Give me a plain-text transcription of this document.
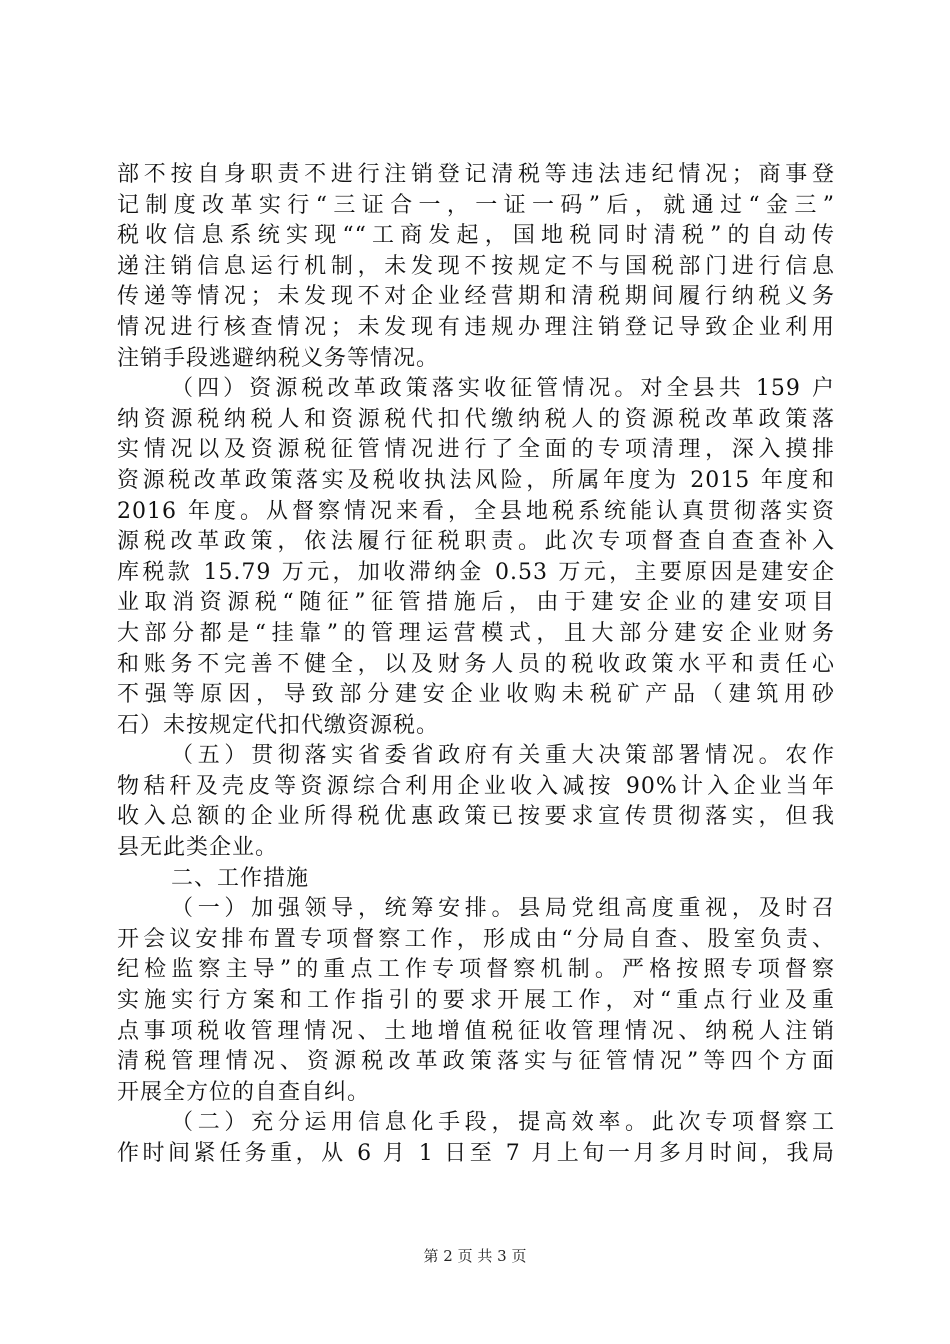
部不按自身职责不进行注销登记清税等违法违纪情况；商事登
记制度改革实行“三证合一，一证一码”后，就通过“金三”
税收信息系统实现““工商发起，国地税同时清税”的自动传
递注销信息运行机制，未发现不按规定不与国税部门进行信息
传递等情况；未发现不对企业经营期和清税期间履行纳税义务
情况进行核查情况；未发现有违规办理注销登记导致企业利用
注销手段逃避纳税义务等情况。
（四）资源税改革政策落实收征管情况。对全县共 159 户
纳资源税纳税人和资源税代扣代缴纳税人的资源税改革政策落
实情况以及资源税征管情况进行了全面的专项清理，深入摸排
资源税改革政策落实及税收执法风险，所属年度为 2015 年度和
2016 年度。从督察情况来看，全县地税系统能认真贯彻落实资
源税改革政策，依法履行征税职责。此次专项督查自查查补入
库税款 15.79 万元，加收滞纳金 0.53 万元，主要原因是建安企
业取消资源税“随征”征管措施后，由于建安企业的建安项目
大部分都是“挂靠”的管理运营模式，且大部分建安企业财务
和账务不完善不健全，以及财务人员的税收政策水平和责任心
不强等原因，导致部分建安企业收购未税矿产品（建筑用砂
石）未按规定代扣代缴资源税。
（五）贯彻落实省委省政府有关重大决策部署情况。农作
物秸秆及壳皮等资源综合利用企业收入减按 90%计入企业当年
收入总额的企业所得税优惠政策已按要求宣传贯彻落实，但我
县无此类企业。
二、工作措施
（一）加强领导，统筹安排。县局党组高度重视，及时召
开会议安排布置专项督察工作，形成由“分局自查、股室负责、
纪检监察主导”的重点工作专项督察机制。严格按照专项督察
实施实行方案和工作指引的要求开展工作，对“重点行业及重
点事项税收管理情况、土地增值税征收管理情况、纳税人注销
清税管理情况、资源税改革政策落实与征管情况”等四个方面
开展全方位的自查自纠。
（二）充分运用信息化手段，提高效率。此次专项督察工
作时间紧任务重，从 6 月 1 日至 7 月上旬一月多月时间，我局
第 2 页 共 3 页
